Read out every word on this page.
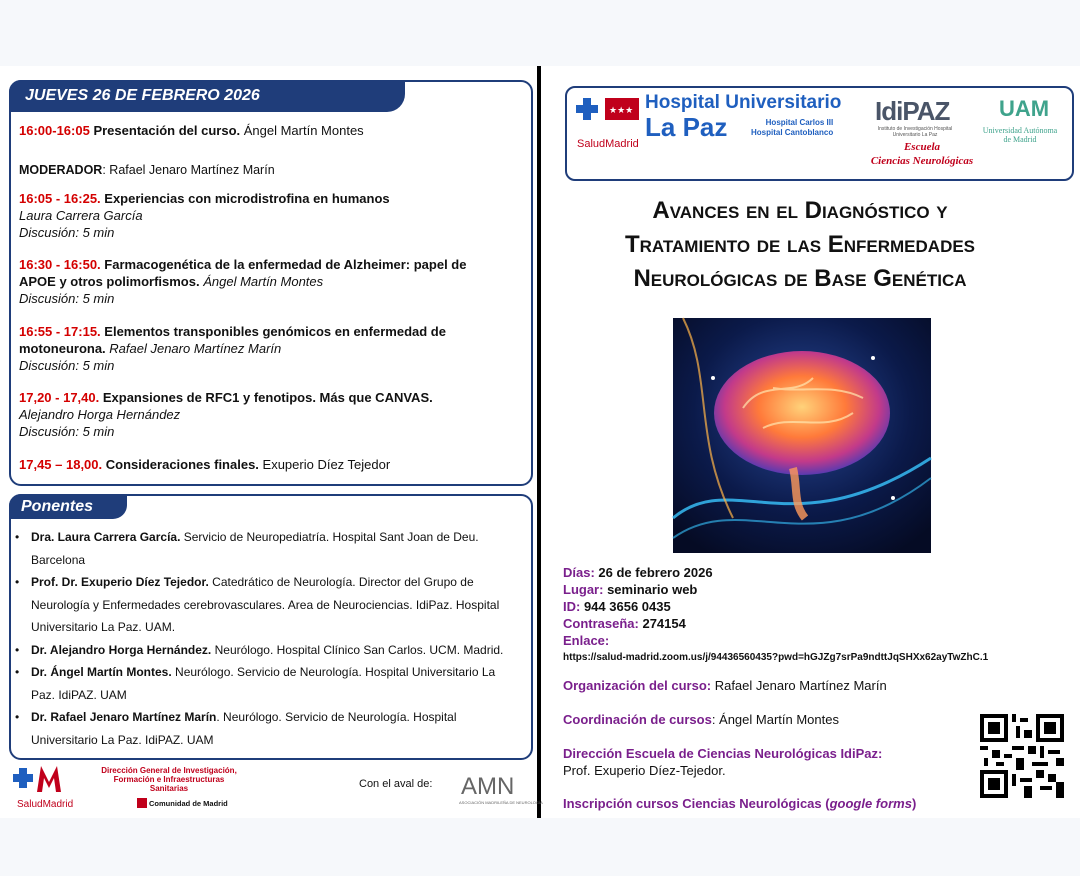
JUEVES 26 DE FEBRERO 2026
16:00-16:05 Presentación del curso. Ángel Martín Montes
MODERADOR: Rafael Jenaro Martínez Marín
16:05 - 16:25. Experiencias con microdistrofina en humanos
Laura Carrera García
Discusión: 5 min
16:30 - 16:50. Farmacogenética de la enfermedad de Alzheimer: papel de
APOE y otros polimorfismos. Ángel Martín Montes
Discusión: 5 min
16:55 - 17:15. Elementos transponibles genómicos en enfermedad de
motoneurona. Rafael Jenaro Martínez Marín
Discusión: 5 min
17,20 - 17,40. Expansiones de RFC1 y fenotipos. Más que CANVAS.
Alejandro Horga Hernández
Discusión: 5 min
17,45 – 18,00. Consideraciones finales. Exuperio Díez Tejedor
Ponentes
• Dra. Laura Carrera García. Servicio de Neuropediatría. Hospital Sant Joan de Deu.
Barcelona
• Prof. Dr. Exuperio Díez Tejedor. Catedrático de Neurología. Director del Grupo de
Neurología y Enfermedades cerebrovasculares. Area de Neurociencias. IdiPaz. Hospital
Universitario La Paz. UAM.
• Dr. Alejandro Horga Hernández. Neurólogo. Hospital Clínico San Carlos. UCM. Madrid.
• Dr. Ángel Martín Montes. Neurólogo. Servicio de Neurología. Hospital Universitario La
Paz. IdiPAZ. UAM
• Dr. Rafael Jenaro Martínez Marín. Neurólogo. Servicio de Neurología. Hospital
Universitario La Paz. IdiPAZ. UAM
SaludMadrid
Dirección General de Investigación,
Formación e Infraestructuras
Sanitarias
Comunidad de Madrid
Con el aval de: AMN
ASOCIACIÓN MADRILEÑA DE NEUROLOGÍA
★★★
SaludMadrid
Hospital Universitario
La Paz	Hospital Carlos III
Hospital Cantoblanco
IdiPAZ
Instituto de Investigación Hospital Universitario La Paz
Escuela
Ciencias Neurológicas
UAM
Universidad Autónoma
de Madrid
Avances en el Diagnóstico y
Tratamiento de las Enfermedades
Neurológicas de Base Genética
Días: 26 de febrero 2026
Lugar: seminario web
ID: 944 3656 0435
Contraseña: 274154
Enlace:
https://salud-madrid.zoom.us/j/94436560435?pwd=hGJZg7srPa9ndttJqSHXx62ayTwZhC.1
Organización del curso: Rafael Jenaro Martínez Marín
Coordinación de cursos: Ángel Martín Montes
Dirección Escuela de Ciencias Neurológicas IdiPaz:
Prof. Exuperio Díez-Tejedor.
Inscripción cursos Ciencias Neurológicas (google forms)
